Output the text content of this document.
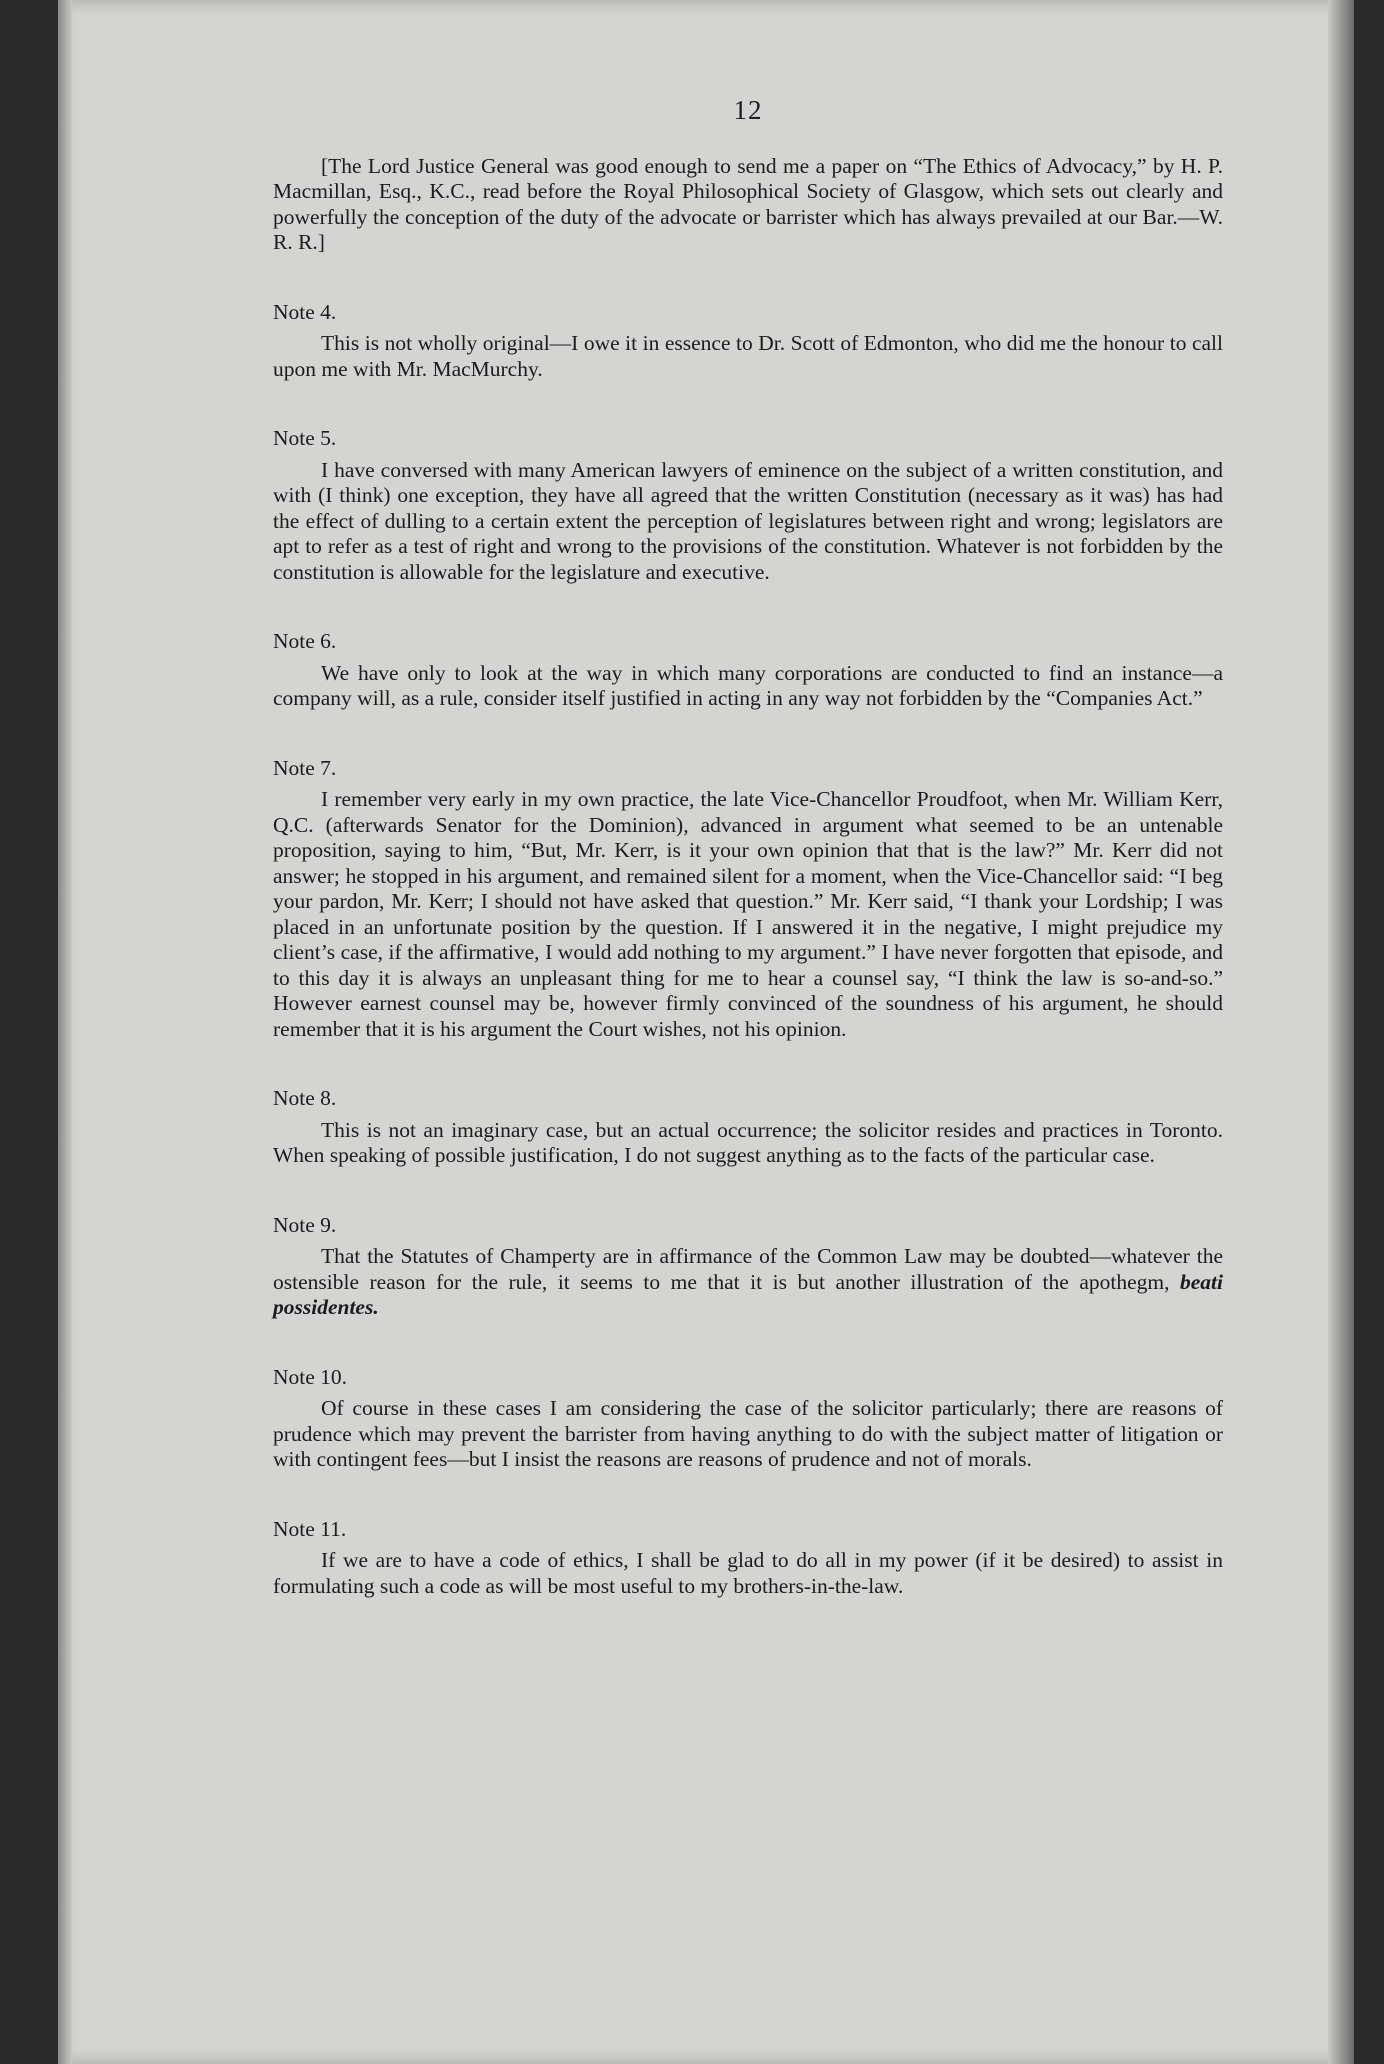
12

[The Lord Justice General was good enough to send me a paper on “The Ethics of Advocacy,” by H. P. Macmillan, Esq., K.C., read before the Royal Philosophical Society of Glasgow, which sets out clearly and powerfully the conception of the duty of the advocate or barrister which has always prevailed at our Bar.—W. R. R.]

Note 4.

This is not wholly original—I owe it in essence to Dr. Scott of Edmonton, who did me the honour to call upon me with Mr. MacMurchy.

Note 5.

I have conversed with many American lawyers of eminence on the subject of a written constitution, and with (I think) one exception, they have all agreed that the written Constitution (necessary as it was) has had the effect of dulling to a certain extent the perception of legislatures between right and wrong; legislators are apt to refer as a test of right and wrong to the provisions of the constitution. Whatever is not forbidden by the constitution is allowable for the legislature and executive.

Note 6.

We have only to look at the way in which many corporations are conducted to find an instance—a company will, as a rule, consider itself justified in acting in any way not forbidden by the “Companies Act.”

Note 7.

I remember very early in my own practice, the late Vice-Chancellor Proudfoot, when Mr. William Kerr, Q.C. (afterwards Senator for the Dominion), advanced in argument what seemed to be an untenable proposition, saying to him, “But, Mr. Kerr, is it your own opinion that that is the law?” Mr. Kerr did not answer; he stopped in his argument, and remained silent for a moment, when the Vice-Chancellor said: “I beg your pardon, Mr. Kerr; I should not have asked that question.” Mr. Kerr said, “I thank your Lordship; I was placed in an unfortunate position by the question. If I answered it in the negative, I might prejudice my client’s case, if the affirmative, I would add nothing to my argument.” I have never forgotten that episode, and to this day it is always an unpleasant thing for me to hear a counsel say, “I think the law is so-and-so.” However earnest counsel may be, however firmly convinced of the soundness of his argument, he should remember that it is his argument the Court wishes, not his opinion.

Note 8.

This is not an imaginary case, but an actual occurrence; the solicitor resides and practices in Toronto. When speaking of possible justification, I do not suggest anything as to the facts of the particular case.

Note 9.

That the Statutes of Champerty are in affirmance of the Common Law may be doubted—whatever the ostensible reason for the rule, it seems to me that it is but another illustration of the apothegm, beati possidentes.

Note 10.

Of course in these cases I am considering the case of the solicitor particularly; there are reasons of prudence which may prevent the barrister from having anything to do with the subject matter of litigation or with contingent fees—but I insist the reasons are reasons of prudence and not of morals.

Note 11.

If we are to have a code of ethics, I shall be glad to do all in my power (if it be desired) to assist in formulating such a code as will be most useful to my brothers-in-the-law.
